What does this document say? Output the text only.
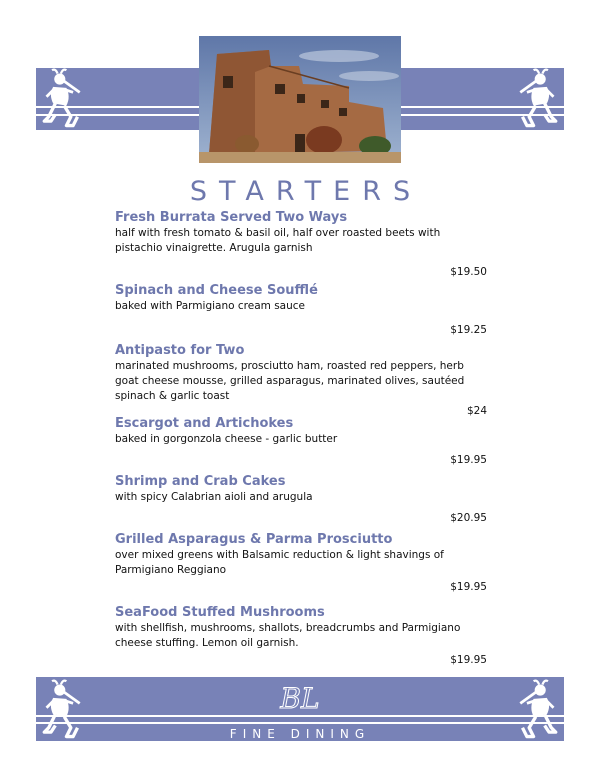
STARTERS
Fresh Burrata Served Two Ways
half with fresh tomato & basil oil, half over roasted beets with pistachio vinaigrette. Arugula garnish
$19.50
Spinach and Cheese Soufflé
baked with Parmigiano cream sauce
$19.25
Antipasto for Two
marinated mushrooms, prosciutto ham, roasted red peppers, herb goat cheese mousse, grilled asparagus, marinated olives, sautéed spinach & garlic toast
$24
Escargot and Artichokes
baked in gorgonzola cheese - garlic butter
$19.95
Shrimp and Crab Cakes
with spicy Calabrian aioli and arugula
$20.95
Grilled Asparagus & Parma Prosciutto
over mixed greens with Balsamic reduction & light shavings of Parmigiano Reggiano
$19.95
SeaFood Stuffed Mushrooms
with shellfish, mushrooms, shallots, breadcrumbs and Parmigiano cheese stuffing. Lemon oil garnish.
$19.95
BL
FINE DINING
